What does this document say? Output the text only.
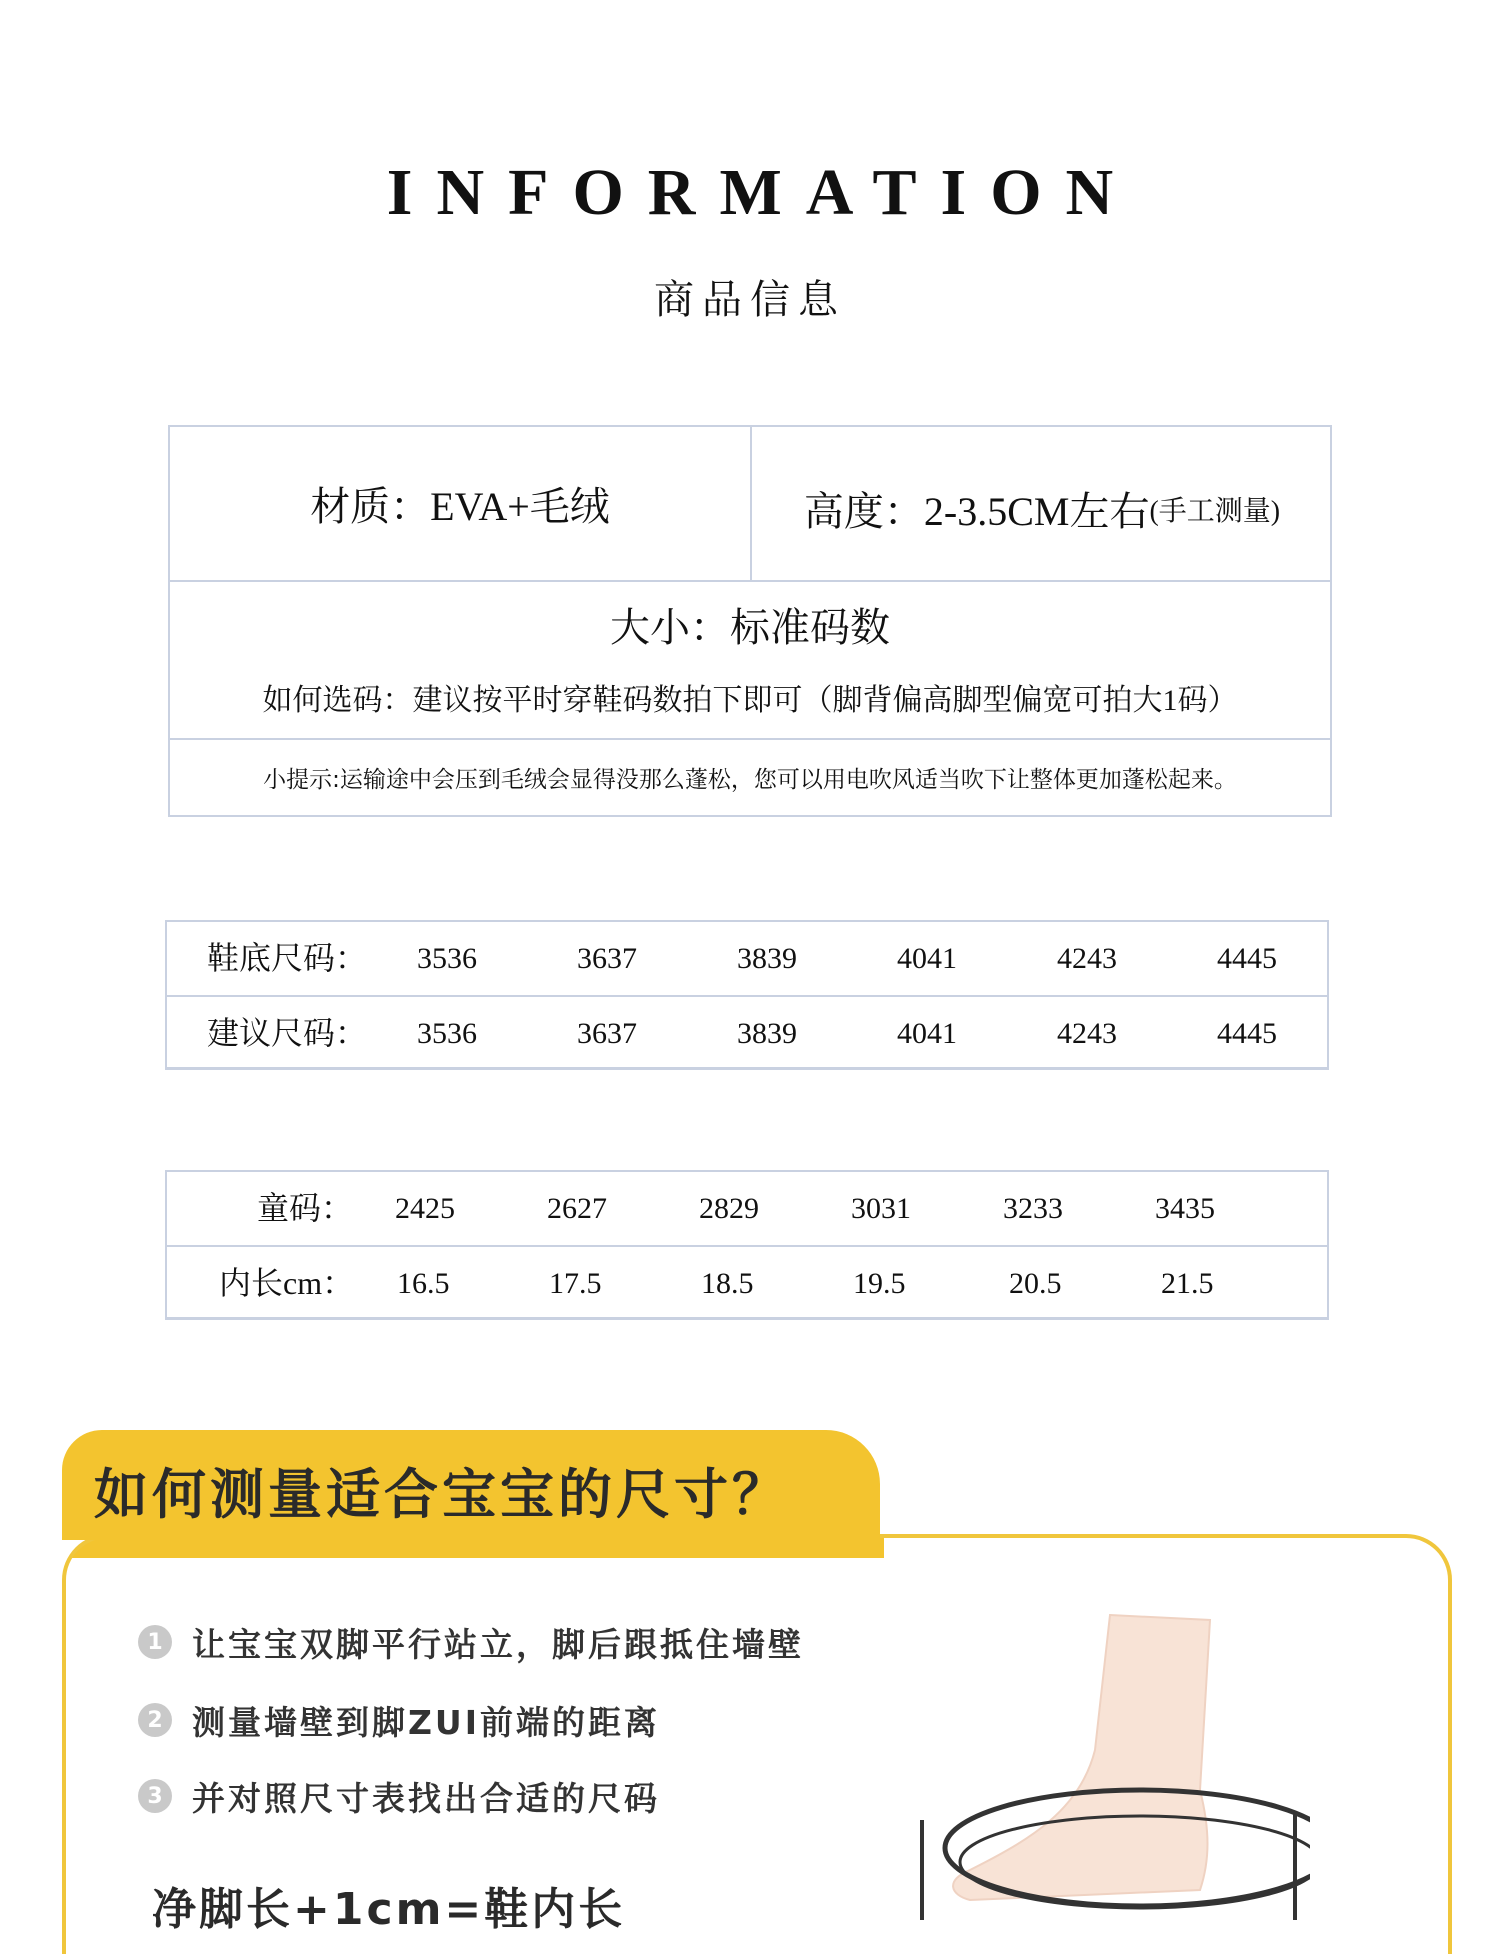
INFORMATION
商品信息
材质：EVA+毛绒	高度：2-3.5CM左右 (手工测量)
大小：标准码数
如何选码：建议按平时穿鞋码数拍下即可（脚背偏高脚型偏宽可拍大1码）
小提示:运输途中会压到毛绒会显得没那么蓬松，您可以用电吹风适当吹下让整体更加蓬松起来。
鞋底尺码： 3536	3637	3839	4041	4243	4445
建议尺码： 3536	3637	3839	4041	4243	4445
童码： 2425	2627	2829	3031	3233	3435
内长cm： 16.5	17.5	18.5	19.5	20.5	21.5
如何测量适合宝宝的尺寸？
1 让宝宝双脚平行站立，脚后跟抵住墙壁
2 测量墙壁到脚ZUI前端的距离
3 并对照尺寸表找出合适的尺码
净脚长+1cm=鞋内长
